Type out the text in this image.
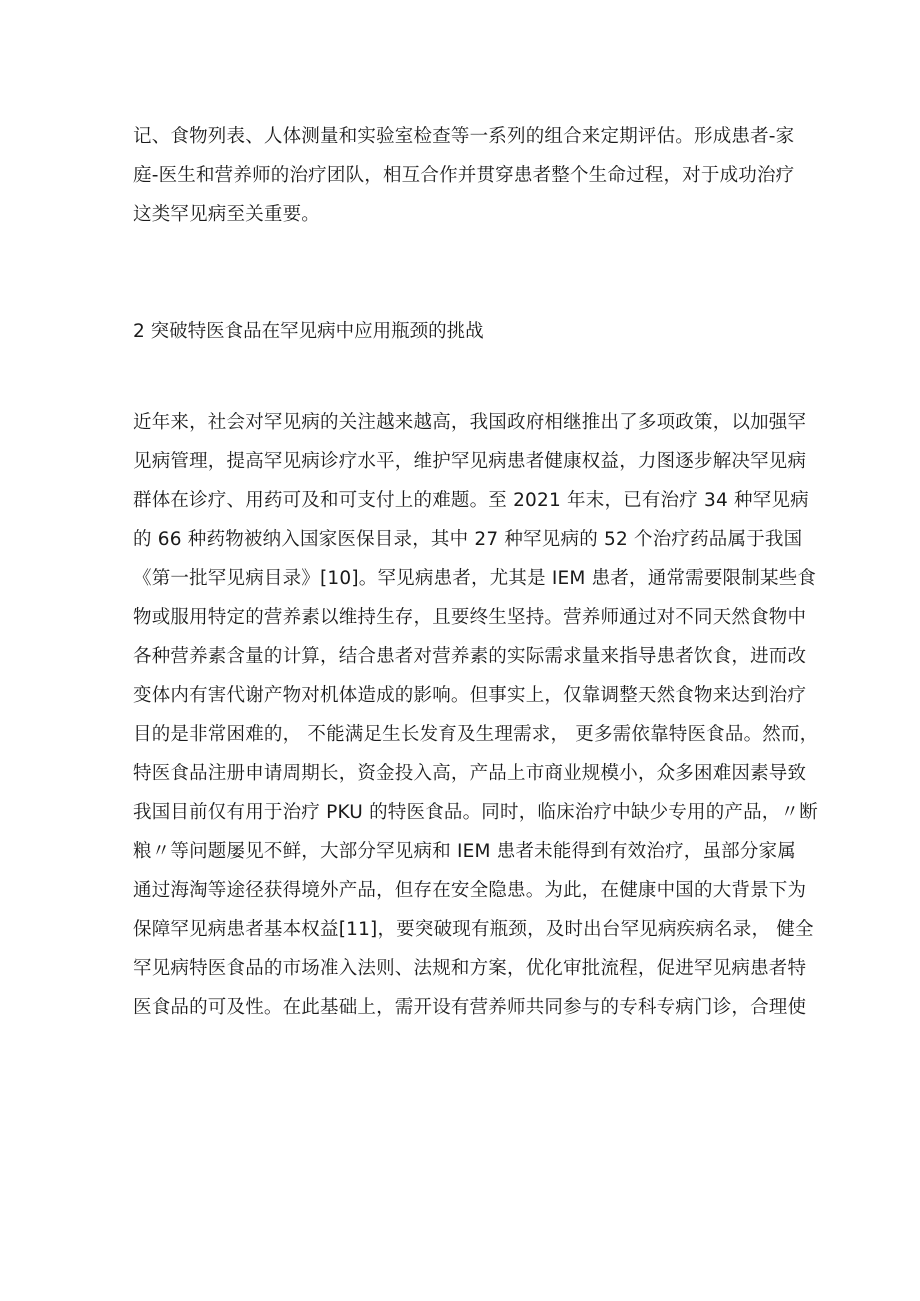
记、食物列表、人体测量和实验室检查等一系列的组合来定期评估。形成患者-家
庭-医生和营养师的治疗团队，相互合作并贯穿患者整个生命过程，对于成功治疗
这类罕见病至关重要。

2 突破特医食品在罕见病中应用瓶颈的挑战

近年来，社会对罕见病的关注越来越高，我国政府相继推出了多项政策，以加强罕
见病管理，提高罕见病诊疗水平，维护罕见病患者健康权益，力图逐步解决罕见病
群体在诊疗、用药可及和可支付上的难题。至 2021 年末，已有治疗 34 种罕见病
的 66 种药物被纳入国家医保目录，其中 27 种罕见病的 52 个治疗药品属于我国
《第一批罕见病目录》[10]。罕见病患者，尤其是 IEM 患者，通常需要限制某些食
物或服用特定的营养素以维持生存，且要终生坚持。营养师通过对不同天然食物中
各种营养素含量的计算，结合患者对营养素的实际需求量来指导患者饮食，进而改
变体内有害代谢产物对机体造成的影响。但事实上，仅靠调整天然食物来达到治疗
目的是非常困难的， 不能满足生长发育及生理需求， 更多需依靠特医食品。然而，
特医食品注册申请周期长，资金投入高，产品上市商业规模小，众多困难因素导致
我国目前仅有用于治疗 PKU 的特医食品。同时，临床治疗中缺少专用的产品，〃断
粮〃等问题屡见不鲜，大部分罕见病和 IEM 患者未能得到有效治疗，虽部分家属
通过海淘等途径获得境外产品，但存在安全隐患。为此，在健康中国的大背景下为
保障罕见病患者基本权益[11]，要突破现有瓶颈，及时出台罕见病疾病名录， 健全
罕见病特医食品的市场准入法则、法规和方案，优化审批流程，促进罕见病患者特
医食品的可及性。在此基础上，需开设有营养师共同参与的专科专病门诊，合理使
